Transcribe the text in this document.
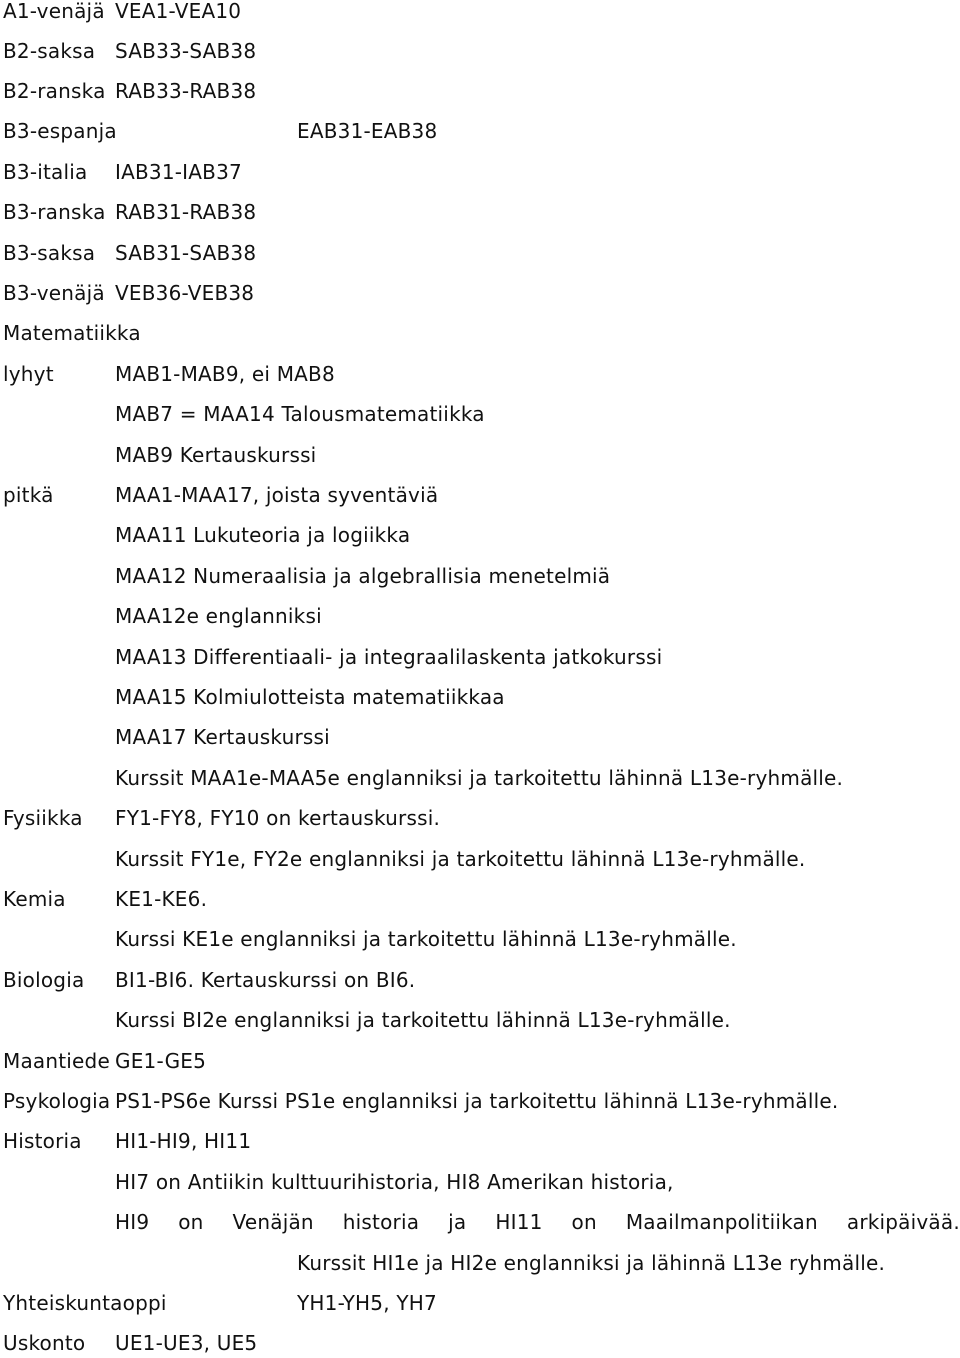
A1-venäjä VEA1-VEA10
B2-saksa SAB33-SAB38
B2-ranska RAB33-RAB38
B3-espanja	EAB31-EAB38
B3-italia IAB31-IAB37
B3-ranska RAB31-RAB38
B3-saksa SAB31-SAB38
B3-venäjä VEB36-VEB38
Matematiikka
lyhyt	MAB1-MAB9, ei MAB8
MAB7 = MAA14 Talousmatematiikka
MAB9 Kertauskurssi
pitkä	MAA1-MAA17, joista syventäviä
MAA11 Lukuteoria ja logiikka
MAA12 Numeraalisia ja algebrallisia menetelmiä
MAA12e englanniksi
MAA13 Differentiaali- ja integraalilaskenta jatkokurssi
MAA15 Kolmiulotteista matematiikkaa
MAA17 Kertauskurssi
Kurssit MAA1e-MAA5e englanniksi ja tarkoitettu lähinnä L13e-ryhmälle.
Fysiikka FY1-FY8, FY10 on kertauskurssi.
Kurssit FY1e, FY2e englanniksi ja tarkoitettu lähinnä L13e-ryhmälle.
Kemia KE1-KE6.
Kurssi KE1e englanniksi ja tarkoitettu lähinnä L13e-ryhmälle.
Biologia BI1-BI6. Kertauskurssi on BI6.
Kurssi BI2e englanniksi ja tarkoitettu lähinnä L13e-ryhmälle.
Maantiede GE1-GE5
Psykologia PS1-PS6e Kurssi PS1e englanniksi ja tarkoitettu lähinnä L13e-ryhmälle.
Historia HI1-HI9, HI11
HI7 on Antiikin kulttuurihistoria, HI8 Amerikan historia,
HI9 on Venäjän historia ja HI11 on Maailmanpolitiikan arkipäivää.
Kurssit HI1e ja HI2e englanniksi ja lähinnä L13e ryhmälle.
Yhteiskuntaoppi	YH1-YH5, YH7
Uskonto UE1-UE3, UE5
